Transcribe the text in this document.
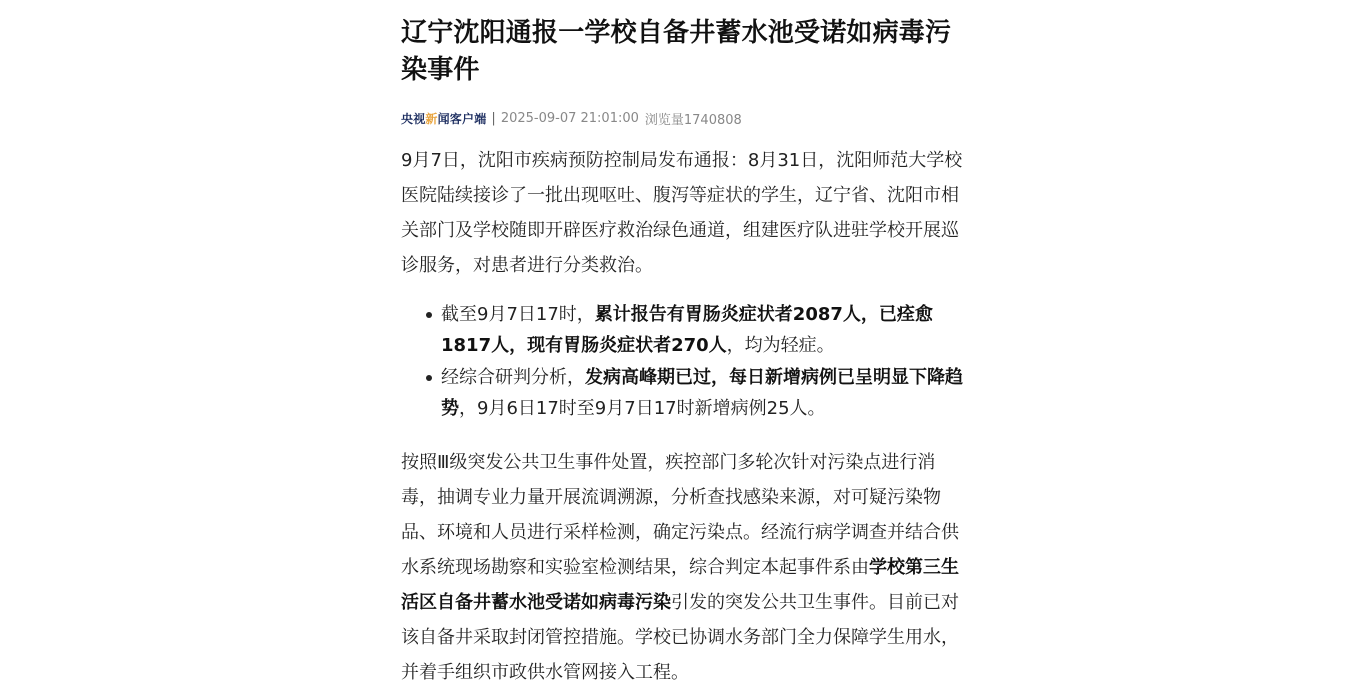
辽宁沈阳通报一学校自备井蓄水池受诺如病毒污染事件
央视新闻客户端 | 2025-09-07 21:01:00 浏览量1740808

9月7日，沈阳市疾病预防控制局发布通报：8月31日，沈阳师范大学校医院陆续接诊了一批出现呕吐、腹泻等症状的学生，辽宁省、沈阳市相关部门及学校随即开辟医疗救治绿色通道，组建医疗队进驻学校开展巡诊服务，对患者进行分类救治。

截至9月7日17时，累计报告有胃肠炎症状者2087人，已痊愈1817人，现有胃肠炎症状者270人，均为轻症。
经综合研判分析，发病高峰期已过，每日新增病例已呈明显下降趋势，9月6日17时至9月7日17时新增病例25人。

按照Ⅲ级突发公共卫生事件处置，疾控部门多轮次针对污染点进行消毒，抽调专业力量开展流调溯源，分析查找感染来源，对可疑污染物品、环境和人员进行采样检测，确定污染点。经流行病学调查并结合供水系统现场勘察和实验室检测结果，综合判定本起事件系由学校第三生活区自备井蓄水池受诺如病毒污染引发的突发公共卫生事件。目前已对该自备井采取封闭管控措施。学校已协调水务部门全力保障学生用水，并着手组织市政供水管网接入工程。
